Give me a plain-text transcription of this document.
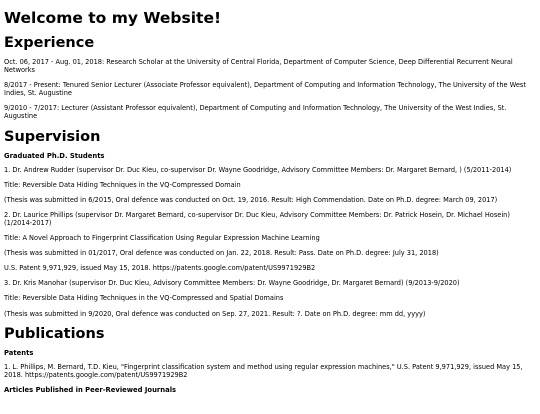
Welcome to my Website!
Experience

Oct. 06, 2017 - Aug. 01, 2018: Research Scholar at the University of Central Florida, Department of Computer Science, Deep Differential Recurrent Neural Networks

8/2017 - Present: Tenured Senior Lecturer (Associate Professor equivalent), Department of Computing and Information Technology, The University of the West Indies, St. Augustine

9/2010 - 7/2017: Lecturer (Assistant Professor equivalent), Department of Computing and Information Technology, The University of the West Indies, St. Augustine

Supervision
Graduated Ph.D. Students

1. Dr. Andrew Rudder (supervisor Dr. Duc Kieu, co-supervisor Dr. Wayne Goodridge, Advisory Committee Members: Dr. Margaret Bernard, ) (5/2011-2014)

Title: Reversible Data Hiding Techniques in the VQ-Compressed Domain

(Thesis was submitted in 6/2015, Oral defence was conducted on Oct. 19, 2016. Result: High Commendation. Date on Ph.D. degree: March 09, 2017)

2. Dr. Laurice Phillips (supervisor Dr. Margaret Bernard, co-supervisor Dr. Duc Kieu, Advisory Committee Members: Dr. Patrick Hosein, Dr. Michael Hosein) (1/2014-2017)

Title: A Novel Approach to Fingerprint Classification Using Regular Expression Machine Learning

(Thesis was submitted in 01/2017, Oral defence was conducted on Jan. 22, 2018. Result: Pass. Date on Ph.D. degree: July 31, 2018)

U.S. Patent 9,971,929, issued May 15, 2018. https://patents.google.com/patent/US9971929B2

3. Dr. Kris Manohar (supervisor Dr. Duc Kieu, Advisory Committee Members: Dr. Wayne Goodridge, Dr. Margaret Bernard) (9/2013-9/2020)

Title: Reversible Data Hiding Techniques in the VQ-Compressed and Spatial Domains

(Thesis was submitted in 9/2020, Oral defence was conducted on Sep. 27, 2021. Result: ?. Date on Ph.D. degree: mm dd, yyyy)

Publications
Patents

1. L. Phillips, M. Bernard, T.D. Kieu, "Fingerprint classification system and method using regular expression machines," U.S. Patent 9,971,929, issued May 15, 2018. https://patents.google.com/patent/US9971929B2

Articles Published in Peer-Reviewed Journals
